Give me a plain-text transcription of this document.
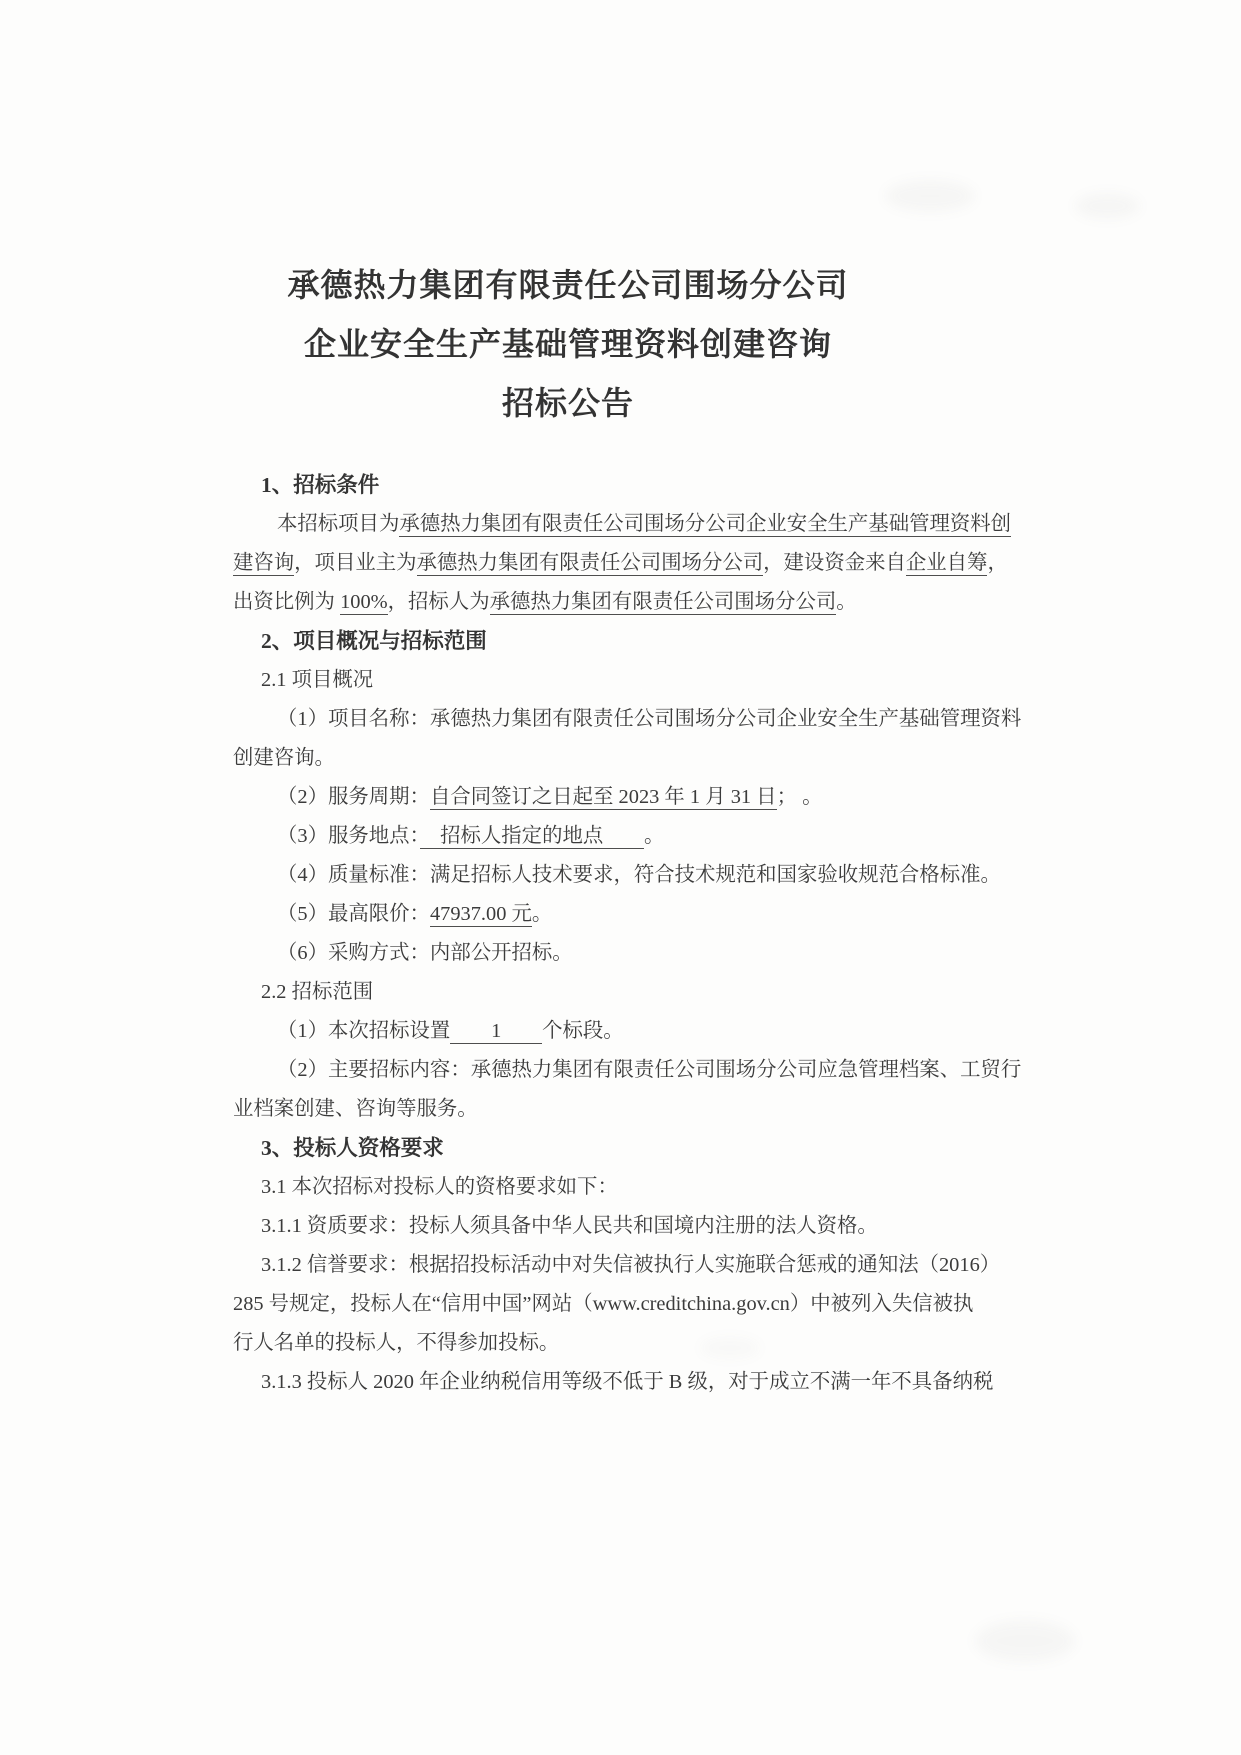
承德热力集团有限责任公司围场分公司
企业安全生产基础管理资料创建咨询
招标公告
1、招标条件
本招标项目为承德热力集团有限责任公司围场分公司企业安全生产基础管理资料创
建咨询，项目业主为承德热力集团有限责任公司围场分公司，建设资金来自企业自筹，
出资比例为 100%，招标人为承德热力集团有限责任公司围场分公司。
2、项目概况与招标范围
2.1 项目概况
（1）项目名称：承德热力集团有限责任公司围场分公司企业安全生产基础管理资料
创建咨询。
（2）服务周期：自合同签订之日起至 2023 年 1 月 31 日； 。
（3）服务地点：　招标人指定的地点　　。
（4）质量标准：满足招标人技术要求，符合技术规范和国家验收规范合格标准。
（5）最高限价：47937.00 元。
（6）采购方式：内部公开招标。
2.2 招标范围
（1）本次招标设置　　1　　个标段。
（2）主要招标内容：承德热力集团有限责任公司围场分公司应急管理档案、工贸行
业档案创建、咨询等服务。
3、投标人资格要求
3.1 本次招标对投标人的资格要求如下：
3.1.1 资质要求：投标人须具备中华人民共和国境内注册的法人资格。
3.1.2 信誉要求：根据招投标活动中对失信被执行人实施联合惩戒的通知法（2016）
285 号规定，投标人在“信用中国”网站（www.creditchina.gov.cn）中被列入失信被执
行人名单的投标人，不得参加投标。
3.1.3 投标人 2020 年企业纳税信用等级不低于 B 级，对于成立不满一年不具备纳税
